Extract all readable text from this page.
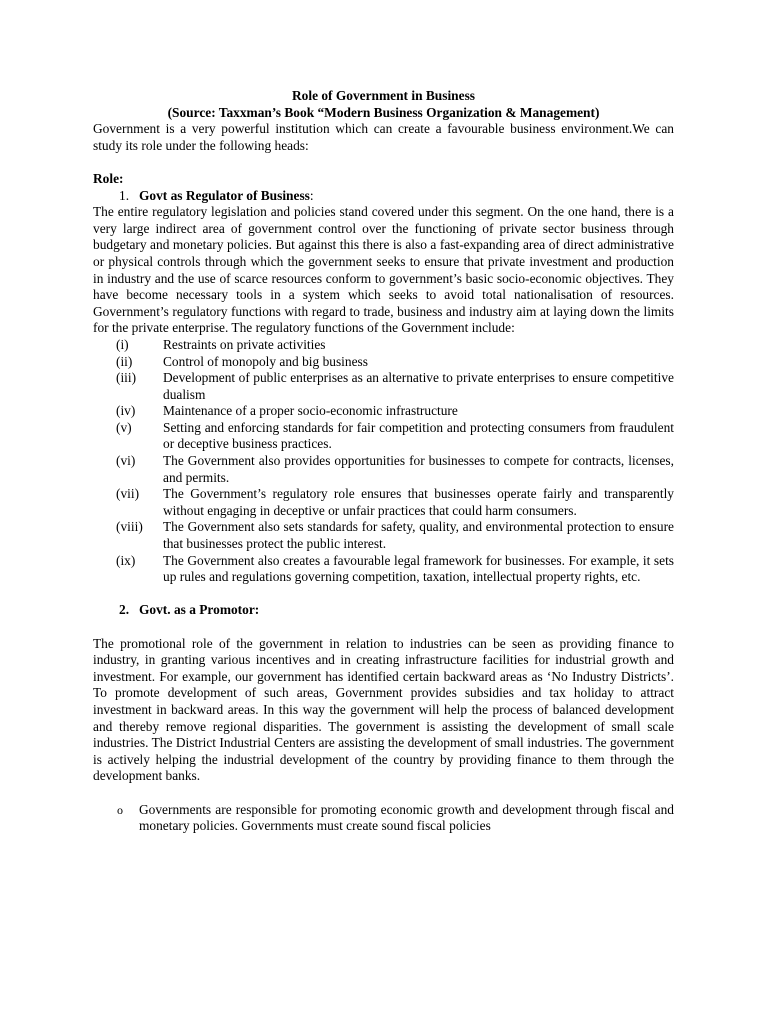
Role of Government in Business

(Source: Taxxman’s Book “Modern Business Organization & Management)

Government is a very powerful institution which can create a favourable business environment.We can study its role under the following heads:

Role:

1. Govt as Regulator of Business:

The entire regulatory legislation and policies stand covered under this segment. On the one hand, there is a very large indirect area of government control over the functioning of private sector business through budgetary and monetary policies. But against this there is also a fast-expanding area of direct administrative or physical controls through which the government seeks to ensure that private investment and production in industry and the use of scarce resources conform to government’s basic socio-economic objectives. They have become necessary tools in a system which seeks to avoid total nationalisation of resources. Government’s regulatory functions with regard to trade, business and industry aim at laying down the limits for the private enterprise. The regulatory functions of the Government include:

(i)	Restraints on private activities
(ii) Control of monopoly and big business
(iii) Development of public enterprises as an alternative to private enterprises to ensure competitive dualism
(iv) Maintenance of a proper socio-economic infrastructure
(v) Setting and enforcing standards for fair competition and protecting consumers from fraudulent or deceptive business practices.
(vi) The Government also provides opportunities for businesses to compete for contracts, licenses, and permits.
(vii) The Government’s regulatory role ensures that businesses operate fairly and transparently without engaging in deceptive or unfair practices that could harm consumers.
(viii) The Government also sets standards for safety, quality, and environmental protection to ensure that businesses protect the public interest.
(ix) The Government also creates a favourable legal framework for businesses. For example, it sets up rules and regulations governing competition, taxation, intellectual property rights, etc.
2. Govt. as a Promotor:

The promotional role of the government in relation to industries can be seen as providing finance to industry, in granting various incentives and in creating infrastructure facilities for industrial growth and investment. For example, our government has identified certain backward areas as ‘No Industry Districts’. To promote development of such areas, Government provides subsidies and tax holiday to attract investment in backward areas. In this way the government will help the process of balanced development and thereby remove regional disparities. The government is assisting the development of small scale industries. The District Industrial Centers are assisting the development of small industries. The government is actively helping the industrial development of the country by providing finance to them through the development banks.

o Governments are responsible for promoting economic growth and development through fiscal and monetary policies. Governments must create sound fiscal policies
